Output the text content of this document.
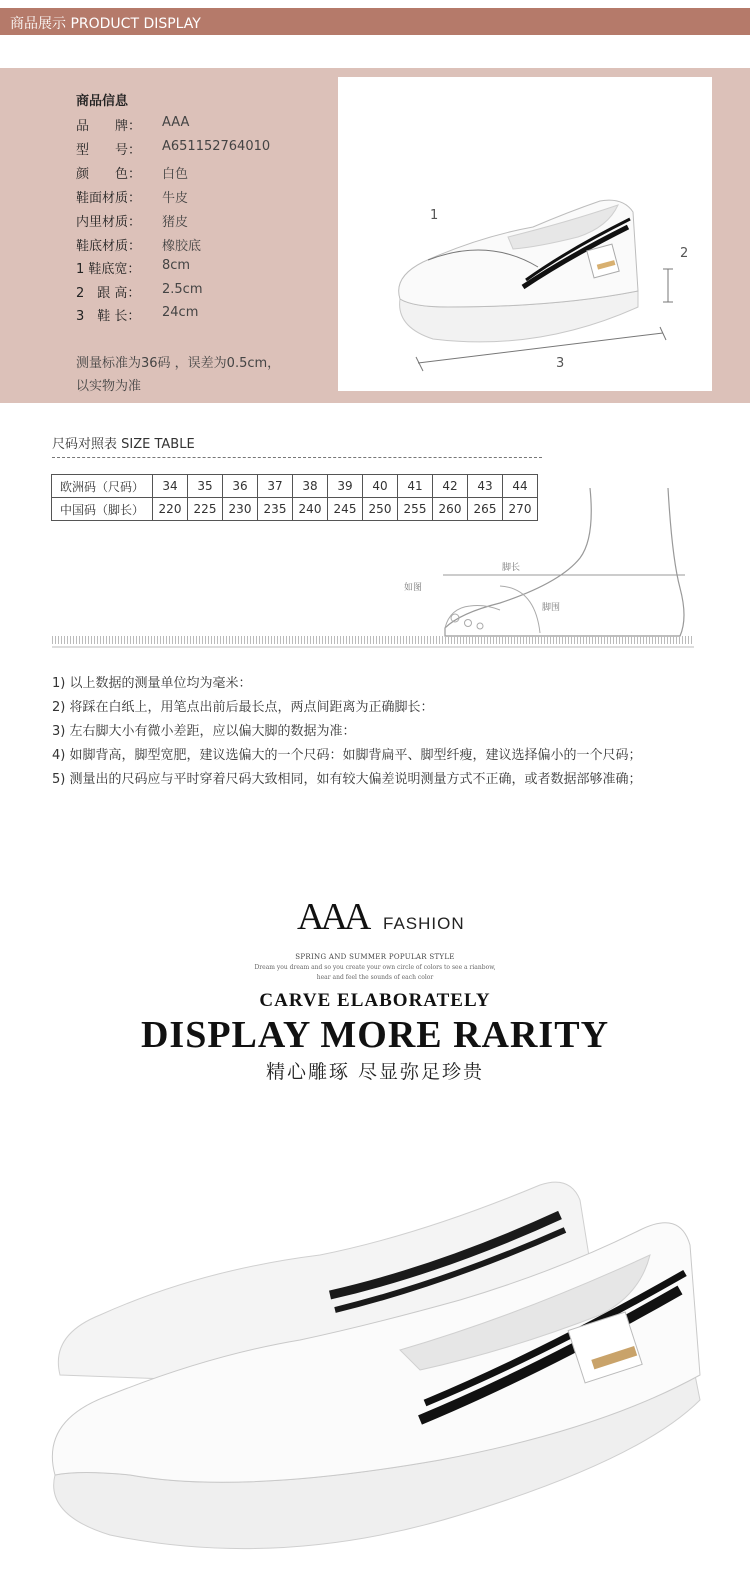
商品展示 PRODUCT DISPLAY
商品信息
品　　牌： AAA
型　　号： A651152764010
颜　　色： 白色
鞋面材质： 牛皮
内里材质： 猪皮
鞋底材质： 橡胶底
1 鞋底宽： 8cm
2　跟 高： 2.5cm
3　鞋 长： 24cm
测量标准为36码 ，误差为0.5cm，
以实物为准
1
2
3
尺码对照表 SIZE TABLE
欧洲码（尺码）	34	35	36	37	38	39	40	41	42	43	44
中国码（脚长）	220	225	230	235	240	245	250	255	260	265	270
脚长
脚围
如图
1) 以上数据的测量单位均为毫米：
2) 将踩在白纸上，用笔点出前后最长点，两点间距离为正确脚长：
3) 左右脚大小有微小差距，应以偏大脚的数据为准：
4) 如脚背高，脚型宽肥，建议选偏大的一个尺码：如脚背扁平、脚型纤瘦，建议选择偏小的一个尺码；
5) 测量出的尺码应与平时穿着尺码大致相同，如有较大偏差说明测量方式不正确，或者数据部够准确；
AAA FASHION
SPRING AND SUMMER POPULAR STYLE
Dream you dream and so you create your own circle of colors to see a rianbow,
hear and feel the sounds of each color
CARVE ELABORATELY
DISPLAY MORE RARITY
精心雕琢 尽显弥足珍贵
